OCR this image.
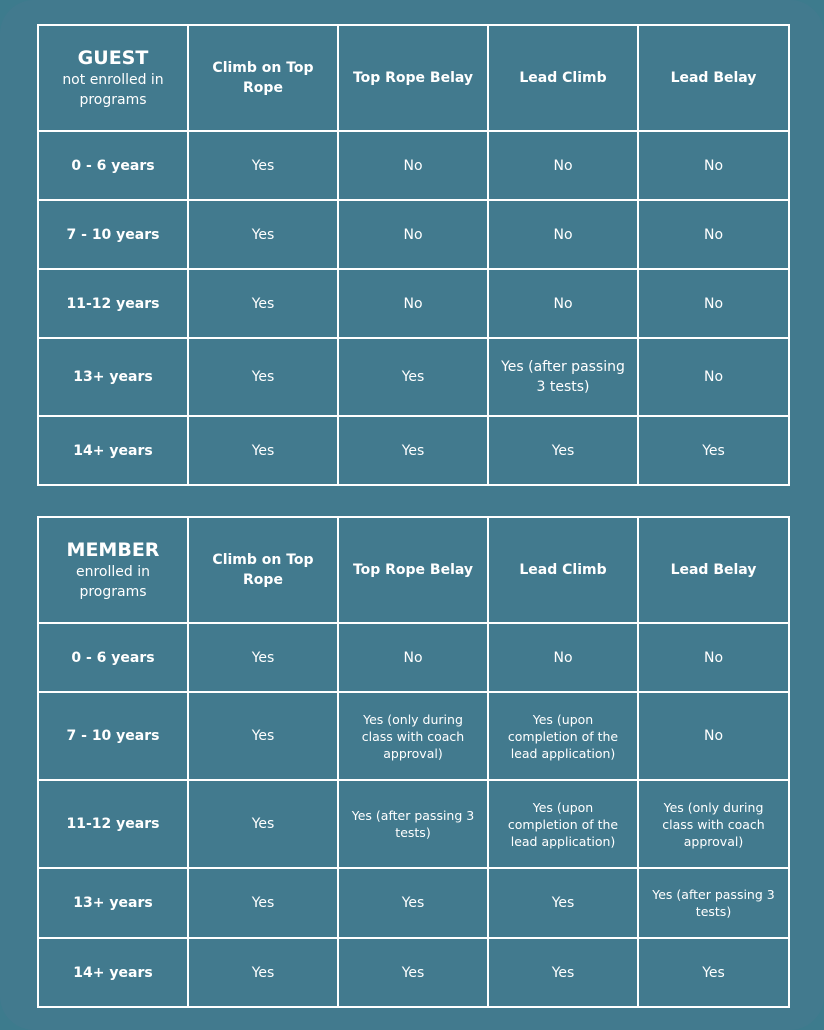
GUEST
not enrolled in programs	Climb on Top Rope	Top Rope Belay	Lead Climb	Lead Belay
0 - 6 years	Yes	No	No	No
7 - 10 years	Yes	No	No	No
11-12 years	Yes	No	No	No
13+ years	Yes	Yes	Yes (after passing 3 tests)	No
14+ years	Yes	Yes	Yes	Yes
MEMBER
enrolled in programs	Climb on Top Rope	Top Rope Belay	Lead Climb	Lead Belay
0 - 6 years	Yes	No	No	No
7 - 10 years	Yes	Yes (only during class with coach approval)	Yes (upon completion of the lead application)	No
11-12 years	Yes	Yes (after passing 3 tests)	Yes (upon completion of the lead application)	Yes (only during class with coach approval)
13+ years	Yes	Yes	Yes	Yes (after passing 3 tests)
14+ years	Yes	Yes	Yes	Yes
